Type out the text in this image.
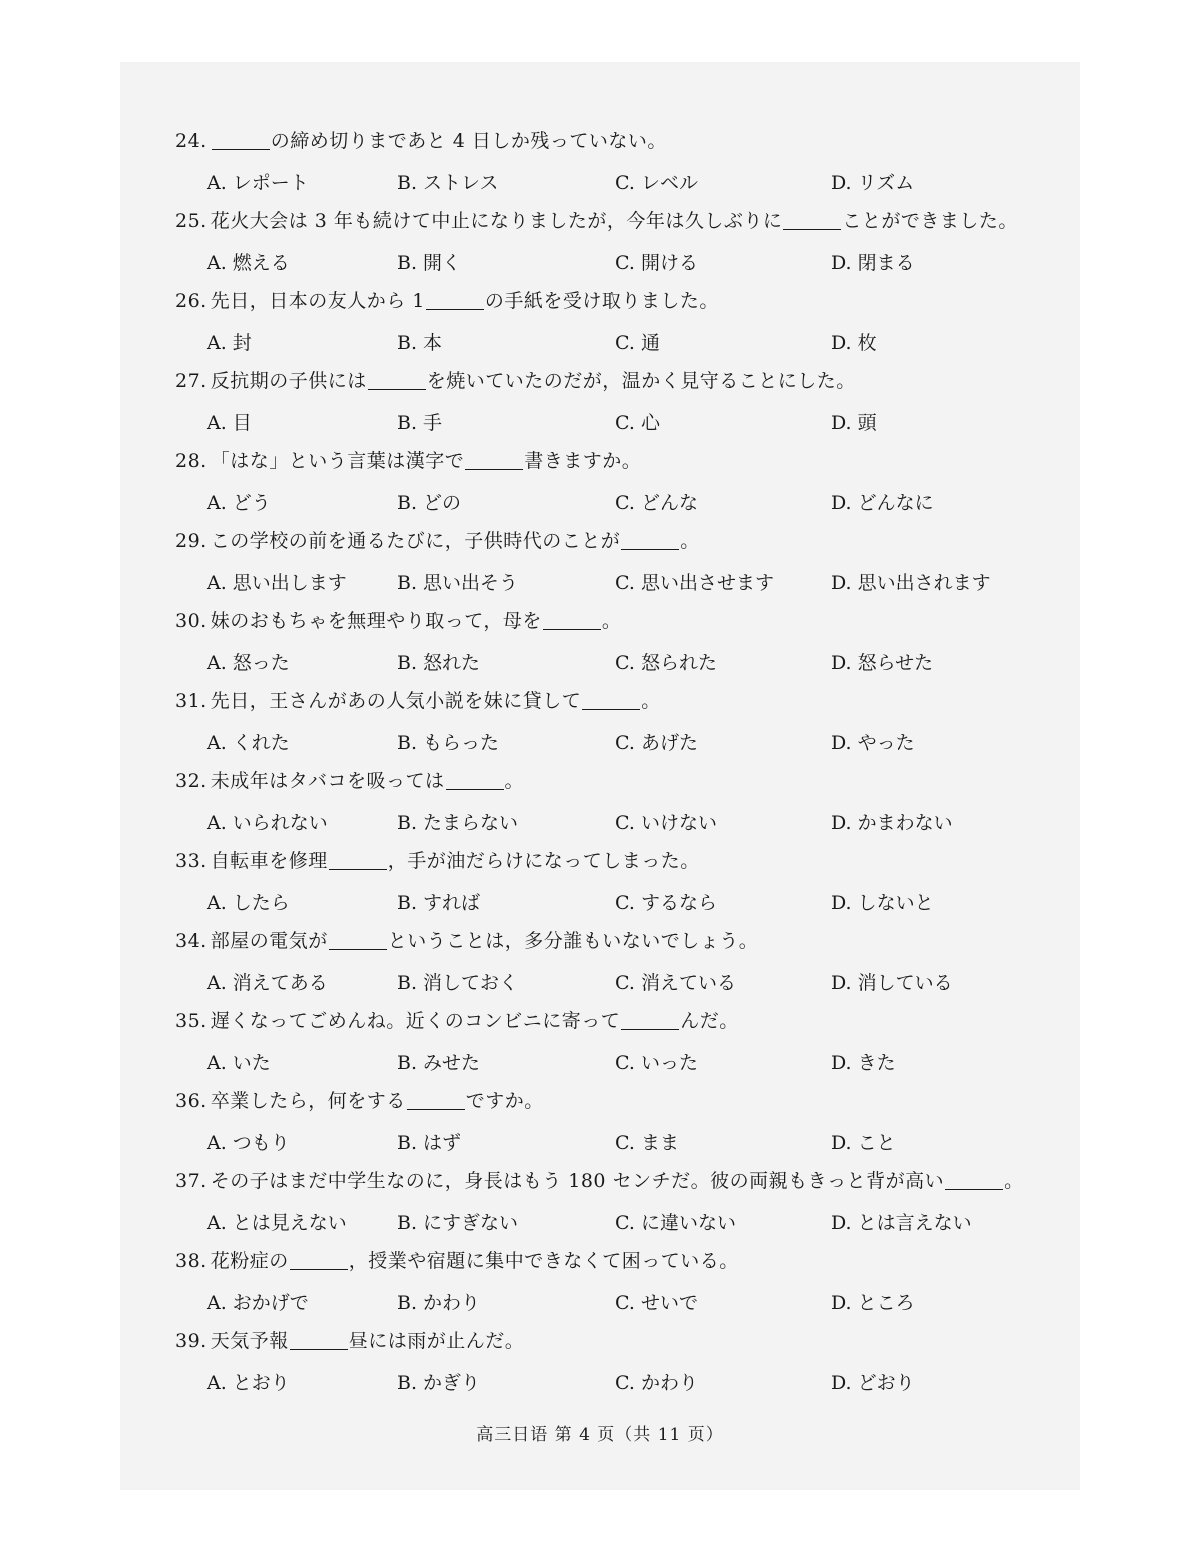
24.	の締め切りまであと 4 日しか残っていない。
A. レポート	B. ストレス	C. レベル	D. リズム
25. 花火大会は 3 年も続けて中止になりましたが，今年は久しぶりに	ことができました。
A. 燃える	B. 開く	C. 開ける	D. 閉まる
26. 先日，日本の友人から 1	の手紙を受け取りました。
A. 封	B. 本	C. 通	D. 枚
27. 反抗期の子供には	を焼いていたのだが，温かく見守ることにした。
A. 目	B. 手	C. 心	D. 頭
28. 「はな」という言葉は漢字で	書きますか。
A. どう	B. どの	C. どんな	D. どんなに
29. この学校の前を通るたびに，子供時代のことが	。
A. 思い出します	B. 思い出そう	C. 思い出させます	D. 思い出されます
30. 妹のおもちゃを無理やり取って，母を	。
A. 怒った	B. 怒れた	C. 怒られた	D. 怒らせた
31. 先日，王さんがあの人気小説を妹に貸して	。
A. くれた	B. もらった	C. あげた	D. やった
32. 未成年はタバコを吸っては	。
A. いられない	B. たまらない	C. いけない	D. かまわない
33. 自転車を修理	，手が油だらけになってしまった。
A. したら	B. すれば	C. するなら	D. しないと
34. 部屋の電気が	ということは，多分誰もいないでしょう。
A. 消えてある	B. 消しておく	C. 消えている	D. 消している
35. 遅くなってごめんね。近くのコンビニに寄って	んだ。
A. いた	B. みせた	C. いった	D. きた
36. 卒業したら，何をする	ですか。
A. つもり	B. はず	C. まま	D. こと
37. その子はまだ中学生なのに，身長はもう 180 センチだ。彼の両親もきっと背が高い	。
A. とは見えない	B. にすぎない	C. に違いない	D. とは言えない
38. 花粉症の	，授業や宿題に集中できなくて困っている。
A. おかげで	B. かわり	C. せいで	D. ところ
39. 天気予報	昼には雨が止んだ。
A. とおり	B. かぎり	C. かわり	D. どおり
高三日语 第 4 页（共 11 页）
